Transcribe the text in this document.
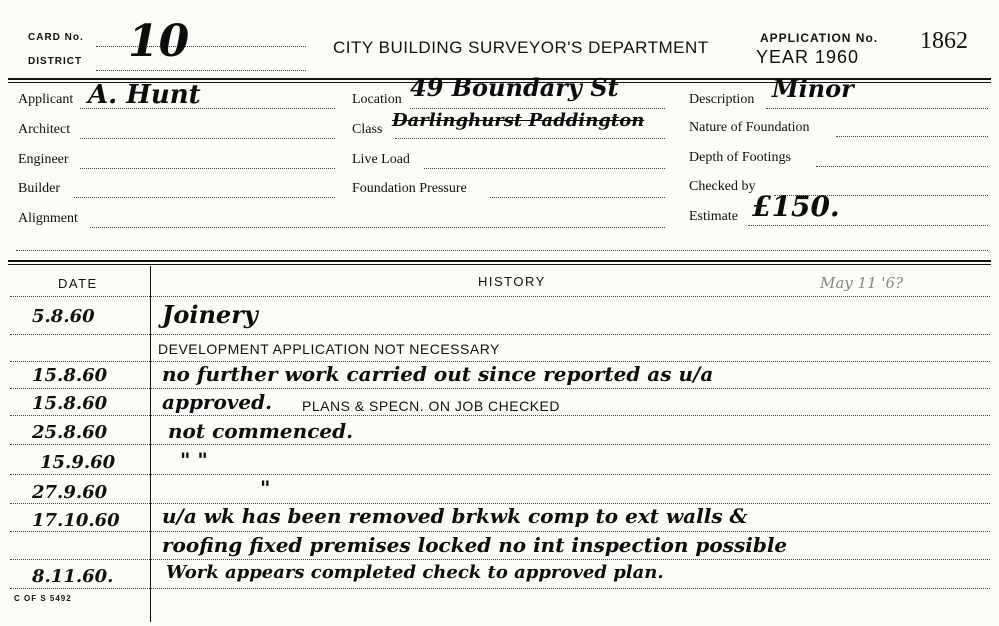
CARD No.
DISTRICT 10	CITY BUILDING SURVEYOR'S DEPARTMENT	APPLICATION No.
YEAR 1960
1862
Applicant A. Hunt
Architect
Engineer
Builder
Alignment
Location 49 Boundary St
Class Darlinghurst Paddington
Live Load
Foundation Pressure
Description Minor
Nature of Foundation
Depth of Footings
Checked by
Estimate £150.
DATE	HISTORY	May 11 '6?
5.8.60	Joinery
DEVELOPMENT APPLICATION NOT NECESSARY
15.8.60	no further work carried out since reported as u/a
15.8.60	approved. PLANS & SPECN. ON JOB CHECKED
25.8.60	not commenced.
15.9.60	" "
27.9.60	"
17.10.60 u/a wk has been removed brkwk comp to ext walls &
roofing fixed premises locked no int inspection possible
8.11.60.	Work appears completed check to approved plan.
C OF S 5492
